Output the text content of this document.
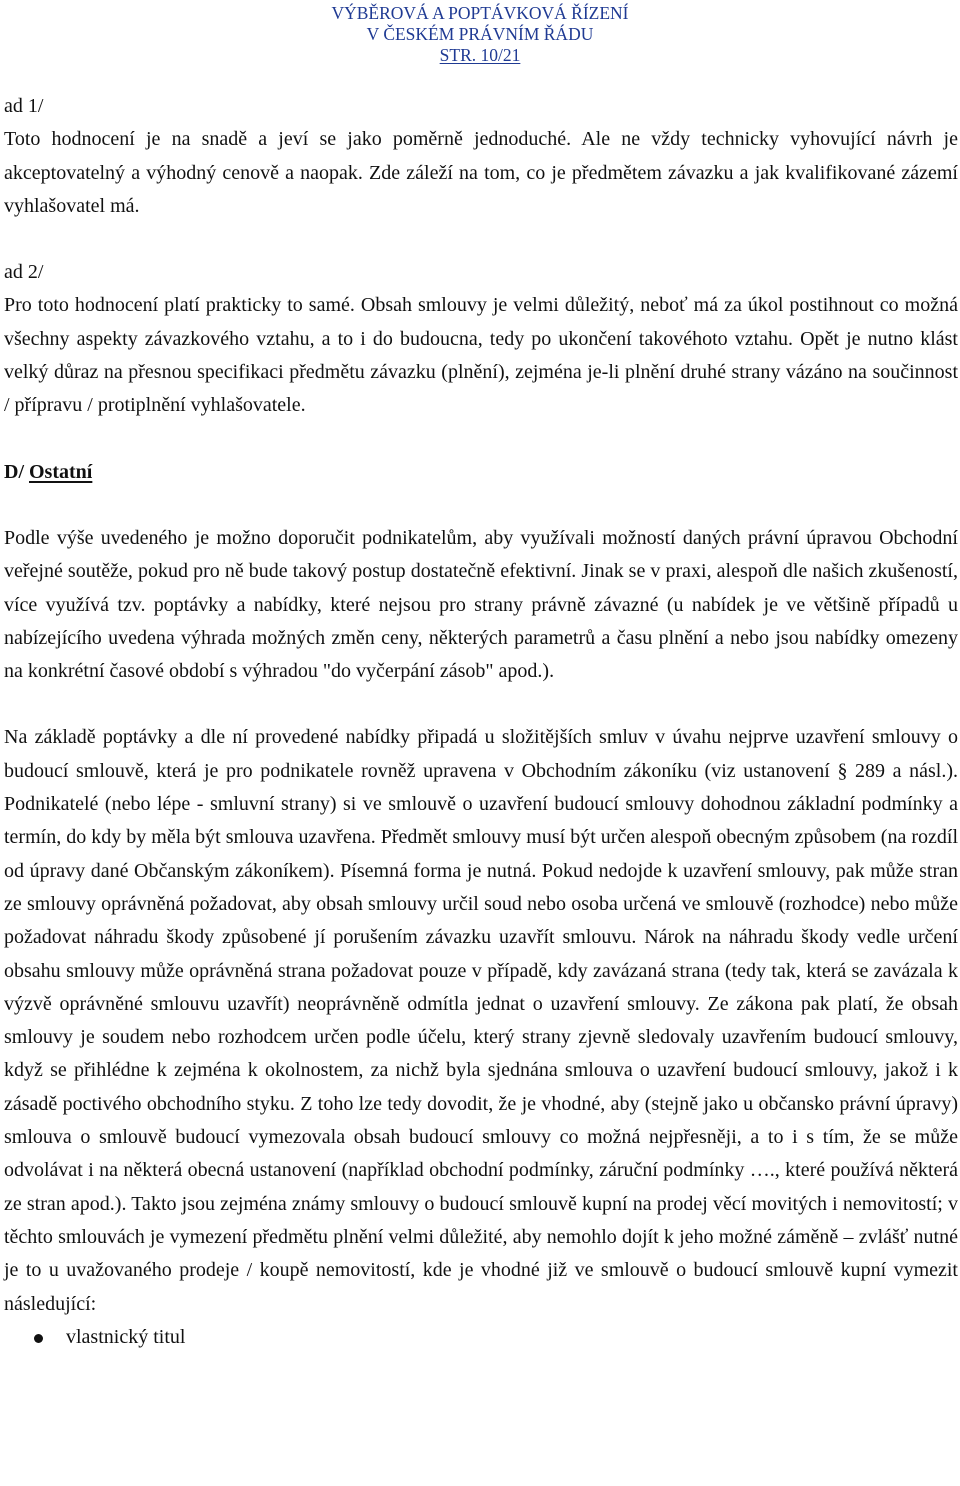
VÝBĚROVÁ A POPTÁVKOVÁ ŘÍZENÍ
V ČESKÉM PRÁVNÍM ŘÁDU
STR. 10/21

ad 1/

Toto hodnocení je na snadě a jeví se jako poměrně jednoduché. Ale ne vždy technicky vyhovující návrh je akceptovatelný a výhodný cenově a naopak. Zde záleží na tom, co je předmětem závazku a jak kvalifikované zázemí vyhlašovatel má.

ad 2/

Pro toto hodnocení platí prakticky to samé. Obsah smlouvy je velmi důležitý, neboť má za úkol postihnout co možná všechny aspekty závazkového vztahu, a to i do budoucna, tedy po ukončení takovéhoto vztahu. Opět je nutno klást velký důraz na přesnou specifikaci předmětu závazku (plnění), zejména je-li plnění druhé strany vázáno na součinnost / přípravu / protiplnění vyhlašovatele.

D/ Ostatní

Podle výše uvedeného je možno doporučit podnikatelům, aby využívali možností daných právní úpravou Obchodní veřejné soutěže, pokud pro ně bude takový postup dostatečně efektivní. Jinak se v praxi, alespoň dle našich zkušeností, více využívá tzv. poptávky a nabídky, které nejsou pro strany právně závazné (u nabídek je ve většině případů u nabízejícího uvedena výhrada možných změn ceny, některých parametrů a času plnění a nebo jsou nabídky omezeny na konkrétní časové období s výhradou "do vyčerpání zásob" apod.).

Na základě poptávky a dle ní provedené nabídky připadá u složitějších smluv v úvahu nejprve uzavření smlouvy o budoucí smlouvě, která je pro podnikatele rovněž upravena v Obchodním zákoníku (viz ustanovení § 289 a násl.). Podnikatelé (nebo lépe - smluvní strany) si ve smlouvě o uzavření budoucí smlouvy dohodnou základní podmínky a termín, do kdy by měla být smlouva uzavřena. Předmět smlouvy musí být určen alespoň obecným způsobem (na rozdíl od úpravy dané Občanským zákoníkem). Písemná forma je nutná. Pokud nedojde k uzavření smlouvy, pak může stran ze smlouvy oprávněná požadovat, aby obsah smlouvy určil soud nebo osoba určená ve smlouvě (rozhodce) nebo může požadovat náhradu škody způsobené jí porušením závazku uzavřít smlouvu. Nárok na náhradu škody vedle určení obsahu smlouvy může oprávněná strana požadovat pouze v případě, kdy zavázaná strana (tedy tak, která se zavázala k výzvě oprávněné smlouvu uzavřít) neoprávněně odmítla jednat o uzavření smlouvy. Ze zákona pak platí, že obsah smlouvy je soudem nebo rozhodcem určen podle účelu, který strany zjevně sledovaly uzavřením budoucí smlouvy, když se přihlédne k zejména k okolnostem, za nichž byla sjednána smlouva o uzavření budoucí smlouvy, jakož i k zásadě poctivého obchodního styku. Z toho lze tedy dovodit, že je vhodné, aby (stejně jako u občansko právní úpravy) smlouva o smlouvě budoucí vymezovala obsah budoucí smlouvy co možná nejpřesněji, a to i s tím, že se může odvolávat i na některá obecná ustanovení (například obchodní podmínky, záruční podmínky …., které používá některá ze stran apod.). Takto jsou zejména známy smlouvy o budoucí smlouvě kupní na prodej věcí movitých i nemovitostí; v těchto smlouvách je vymezení předmětu plnění velmi důležité, aby nemohlo dojít k jeho možné záměně – zvlášť nutné je to u uvažovaného prodeje / koupě nemovitostí, kde je vhodné již ve smlouvě o budoucí smlouvě kupní vymezit následující:

vlastnický titul
